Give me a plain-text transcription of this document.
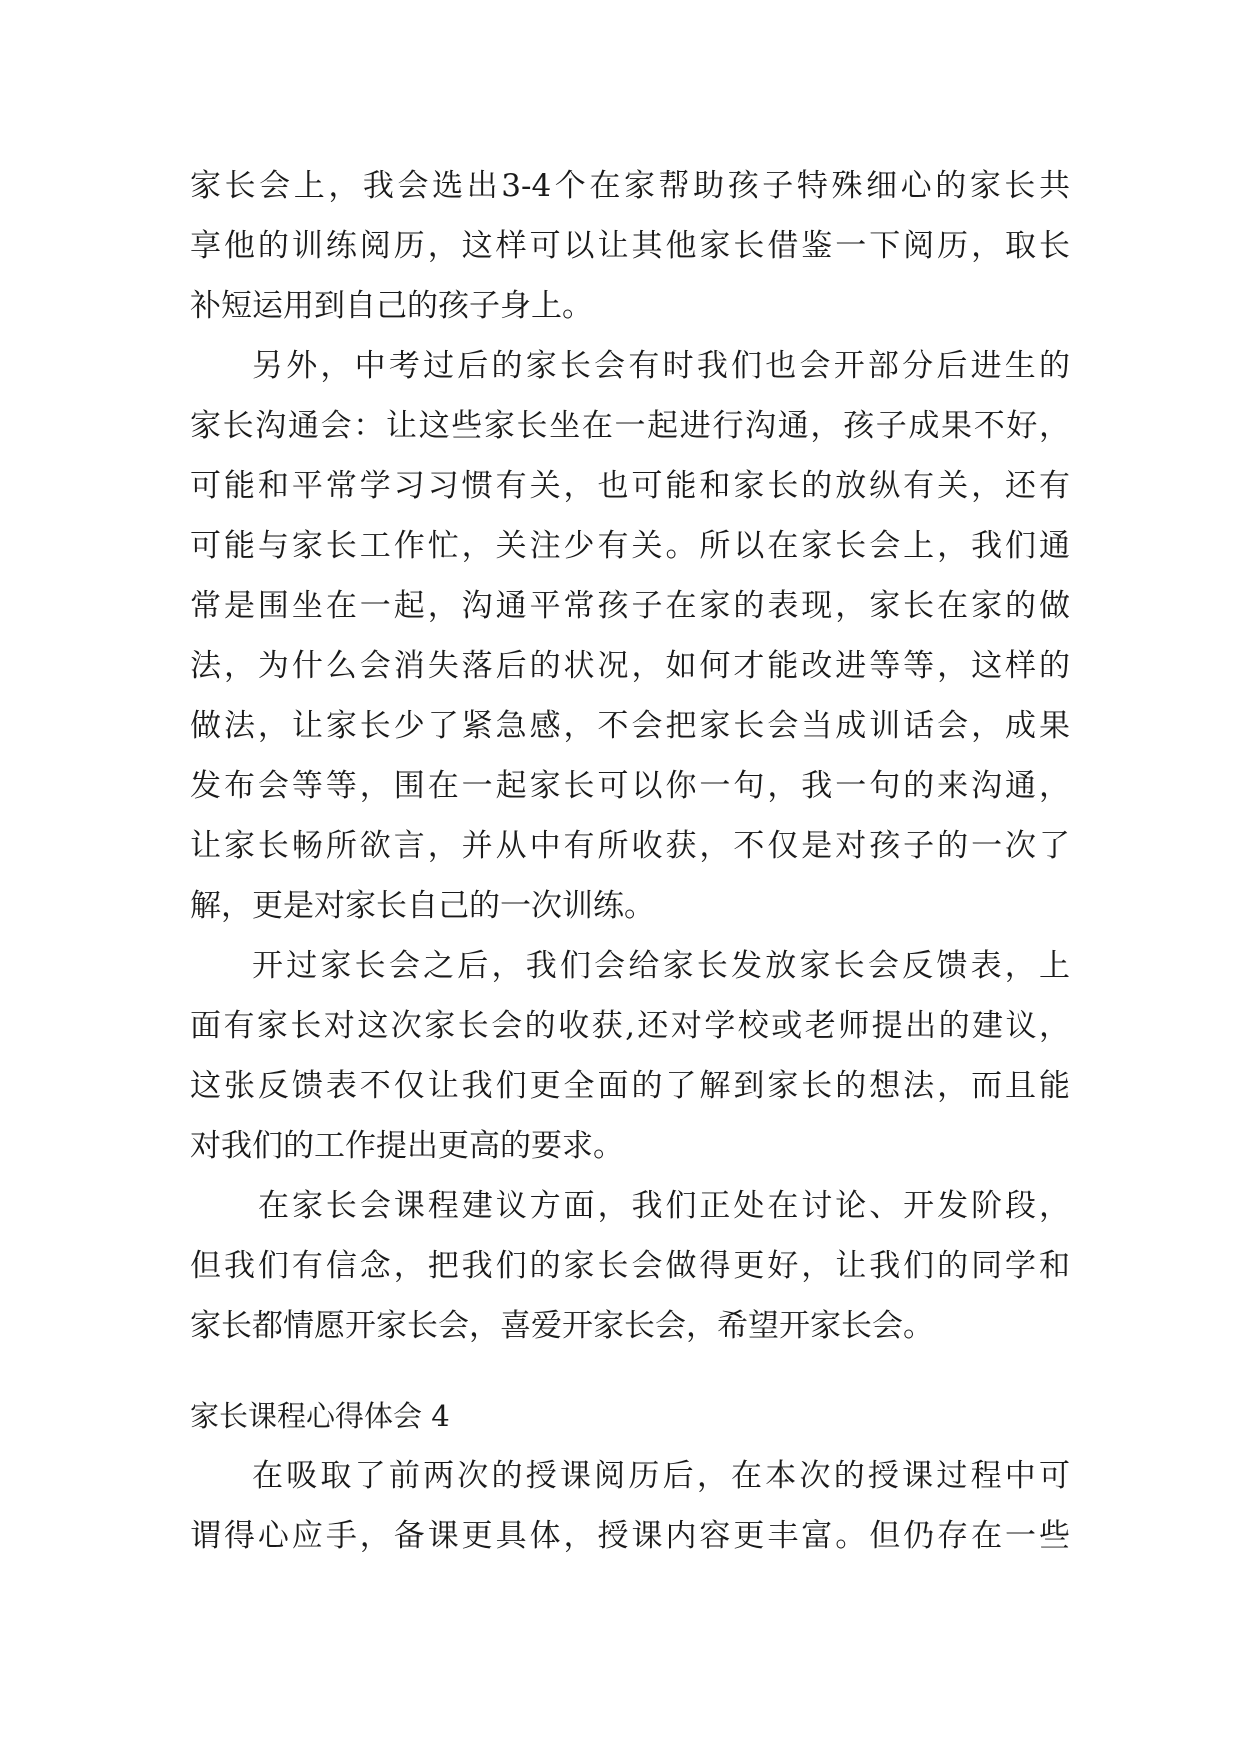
家长会上，我会选出3-4个在家帮助孩子特殊细心的家长共
享他的训练阅历，这样可以让其他家长借鉴一下阅历，取长
补短运用到自己的孩子身上。
另外，中考过后的家长会有时我们也会开部分后进生的
家长沟通会：让这些家长坐在一起进行沟通，孩子成果不好，
可能和平常学习习惯有关，也可能和家长的放纵有关，还有
可能与家长工作忙，关注少有关。所以在家长会上，我们通
常是围坐在一起，沟通平常孩子在家的表现，家长在家的做
法，为什么会消失落后的状况，如何才能改进等等，这样的
做法，让家长少了紧急感，不会把家长会当成训话会，成果
发布会等等，围在一起家长可以你一句，我一句的来沟通，
让家长畅所欲言，并从中有所收获，不仅是对孩子的一次了
解，更是对家长自己的一次训练。
开过家长会之后，我们会给家长发放家长会反馈表，上
面有家长对这次家长会的收获,还对学校或老师提出的建议，
这张反馈表不仅让我们更全面的了解到家长的想法，而且能
对我们的工作提出更高的要求。
在家长会课程建议方面，我们正处在讨论、开发阶段，
但我们有信念，把我们的家长会做得更好，让我们的同学和
家长都情愿开家长会，喜爱开家长会，希望开家长会。
家长课程心得体会 4
在吸取了前两次的授课阅历后，在本次的授课过程中可
谓得心应手，备课更具体，授课内容更丰富。但仍存在一些
